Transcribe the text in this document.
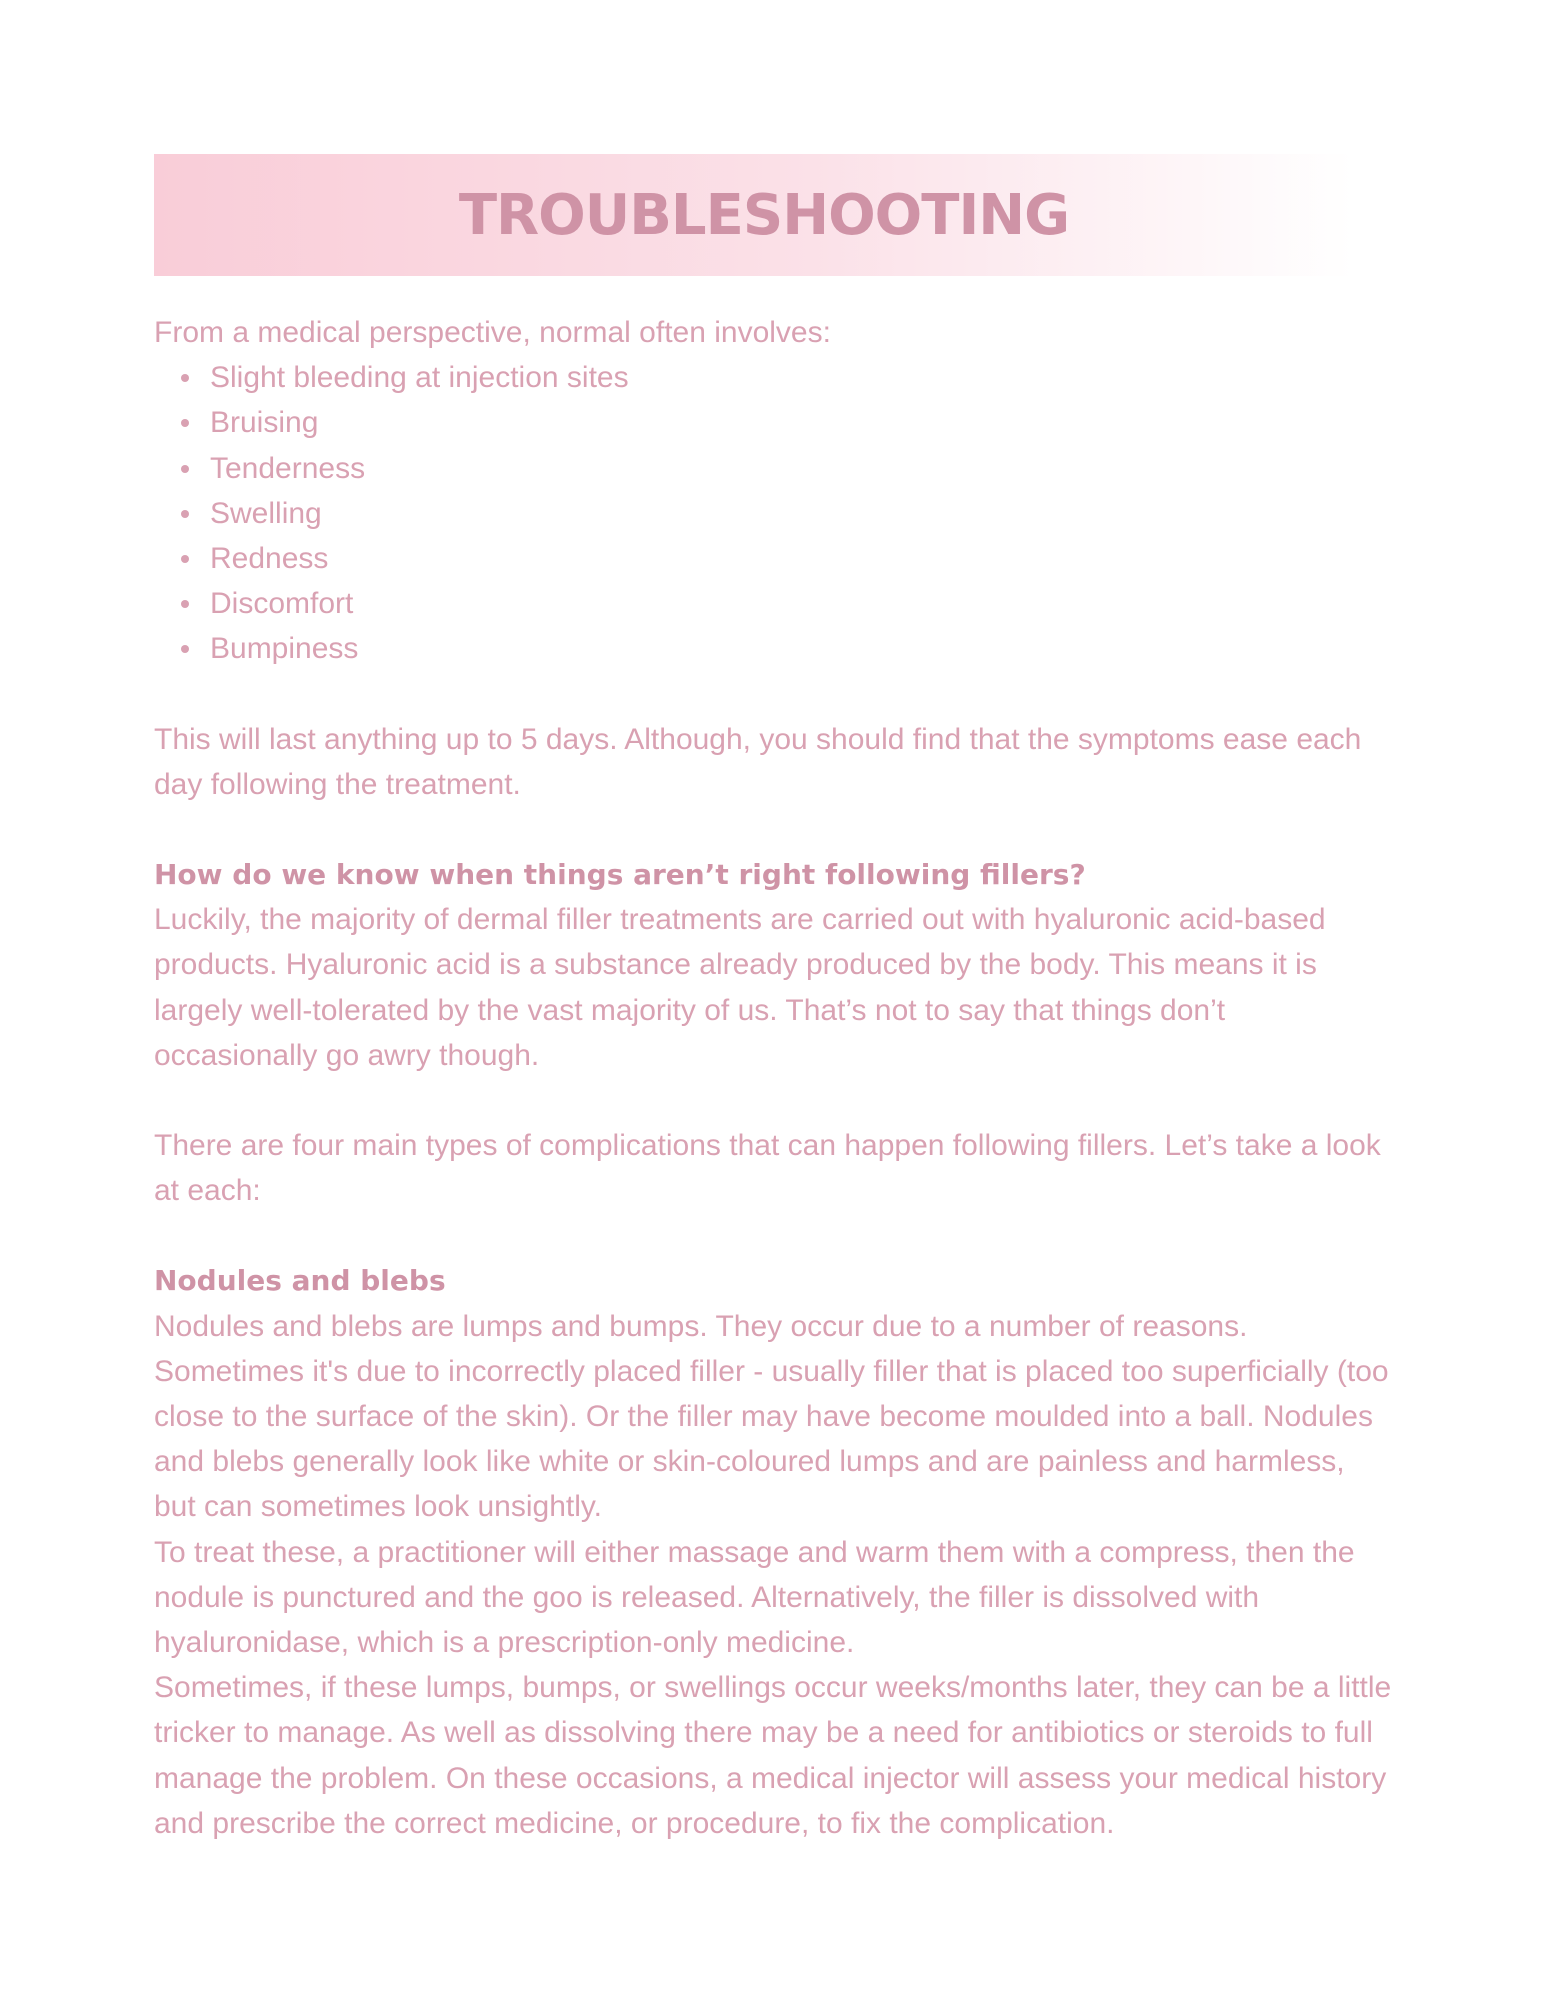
TROUBLESHOOTING

From a medical perspective, normal often involves:

Slight bleeding at injection sites
Bruising
Tenderness
Swelling
Redness
Discomfort
Bumpiness

This will last anything up to 5 days. Although, you should find that the symptoms ease each day following the treatment.

How do we know when things aren’t right following fillers?

Luckily, the majority of dermal filler treatments are carried out with hyaluronic acid-based products. Hyaluronic acid is a substance already produced by the body. This means it is largely well-tolerated by the vast majority of us. That’s not to say that things don’t occasionally go awry though.

There are four main types of complications that can happen following fillers. Let’s take a look at each:

Nodules and blebs

Nodules and blebs are lumps and bumps. They occur due to a number of reasons. Sometimes it's due to incorrectly placed filler - usually filler that is placed too superficially (too close to the surface of the skin). Or the filler may have become moulded into a ball. Nodules and blebs generally look like white or skin-coloured lumps and are painless and harmless, but can sometimes look unsightly.

To treat these, a practitioner will either massage and warm them with a compress, then the nodule is punctured and the goo is released. Alternatively, the filler is dissolved with hyaluronidase, which is a prescription-only medicine.

Sometimes, if these lumps, bumps, or swellings occur weeks/months later, they can be a little tricker to manage. As well as dissolving there may be a need for antibiotics or steroids to full manage the problem. On these occasions, a medical injector will assess your medical history and prescribe the correct medicine, or procedure, to fix the complication.
